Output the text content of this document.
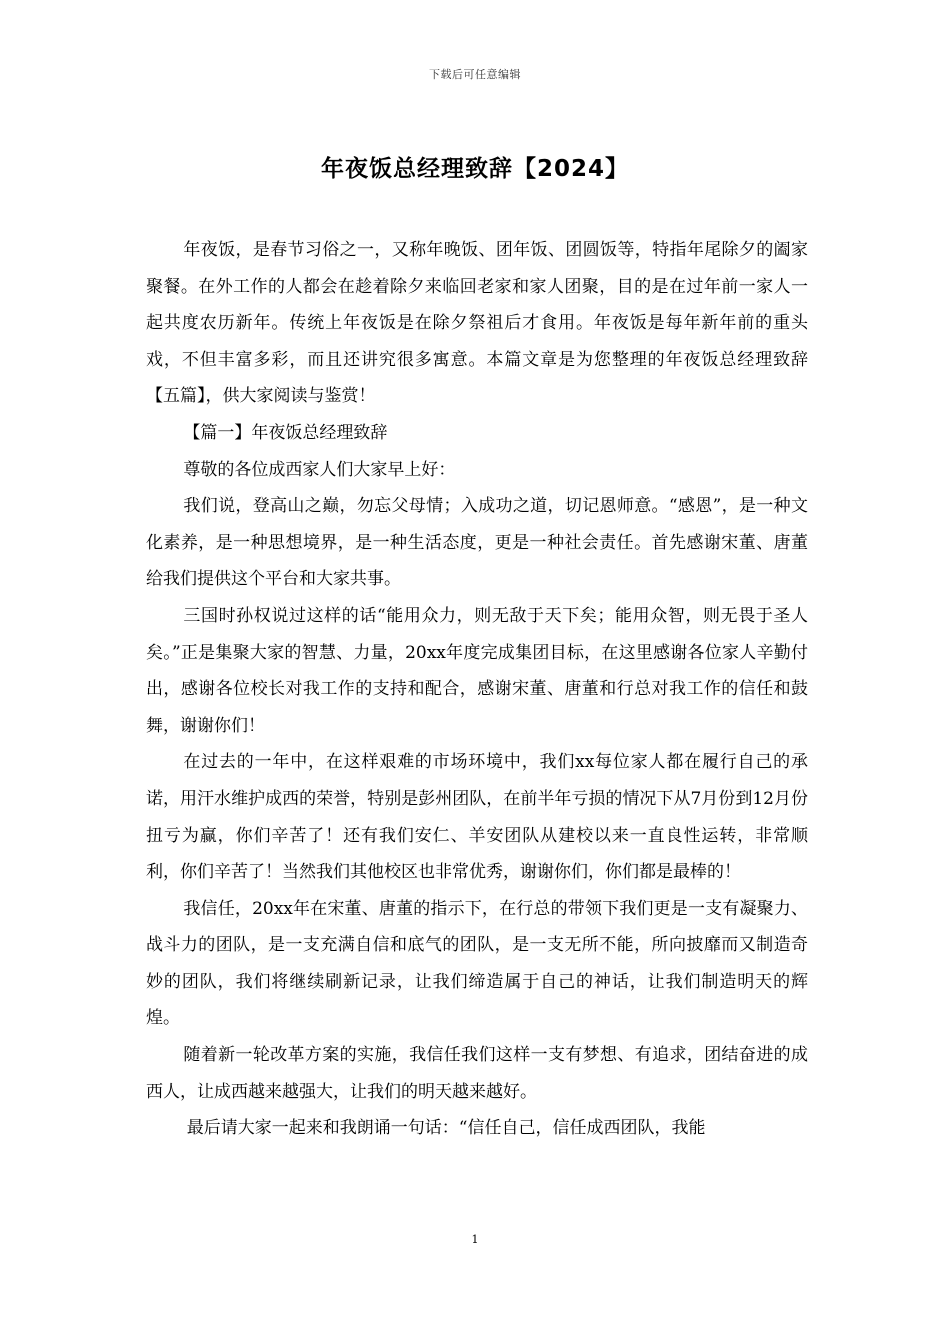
下载后可任意编辑
年夜饭总经理致辞【2024】

年夜饭，是春节习俗之一，又称年晚饭、团年饭、团圆饭等，特指年尾除夕的阖家聚餐。在外工作的人都会在趁着除夕来临回老家和家人团聚，目的是在过年前一家人一起共度农历新年。传统上年夜饭是在除夕祭祖后才食用。年夜饭是每年新年前的重头戏，不但丰富多彩，而且还讲究很多寓意。本篇文章是为您整理的年夜饭总经理致辞【五篇】，供大家阅读与鉴赏！

【篇一】年夜饭总经理致辞

尊敬的各位成西家人们大家早上好：

我们说，登高山之巅，勿忘父母情；入成功之道，切记恩师意。“感恩”，是一种文化素养，是一种思想境界，是一种生活态度，更是一种社会责任。首先感谢宋董、唐董给我们提供这个平台和大家共事。

三国时孙权说过这样的话“能用众力，则无敌于天下矣；能用众智，则无畏于圣人矣。”正是集聚大家的智慧、力量，20xx年度完成集团目标，在这里感谢各位家人辛勤付出，感谢各位校长对我工作的支持和配合，感谢宋董、唐董和行总对我工作的信任和鼓舞，谢谢你们！

在过去的一年中，在这样艰难的市场环境中，我们xx每位家人都在履行自己的承诺，用汗水维护成西的荣誉，特别是彭州团队，在前半年亏损的情况下从7月份到12月份扭亏为赢，你们辛苦了！还有我们安仁、羊安团队从建校以来一直良性运转，非常顺利，你们辛苦了！当然我们其他校区也非常优秀，谢谢你们，你们都是最棒的！

我信任，20xx年在宋董、唐董的指示下，在行总的带领下我们更是一支有凝聚力、战斗力的团队，是一支充满自信和底气的团队，是一支无所不能，所向披靡而又制造奇妙的团队，我们将继续刷新记录，让我们缔造属于自己的神话，让我们制造明天的辉煌。

随着新一轮改革方案的实施，我信任我们这样一支有梦想、有追求，团结奋进的成西人，让成西越来越强大，让我们的明天越来越好。

最后请大家一起来和我朗诵一句话：“信任自己，信任成西团队，我能

1
